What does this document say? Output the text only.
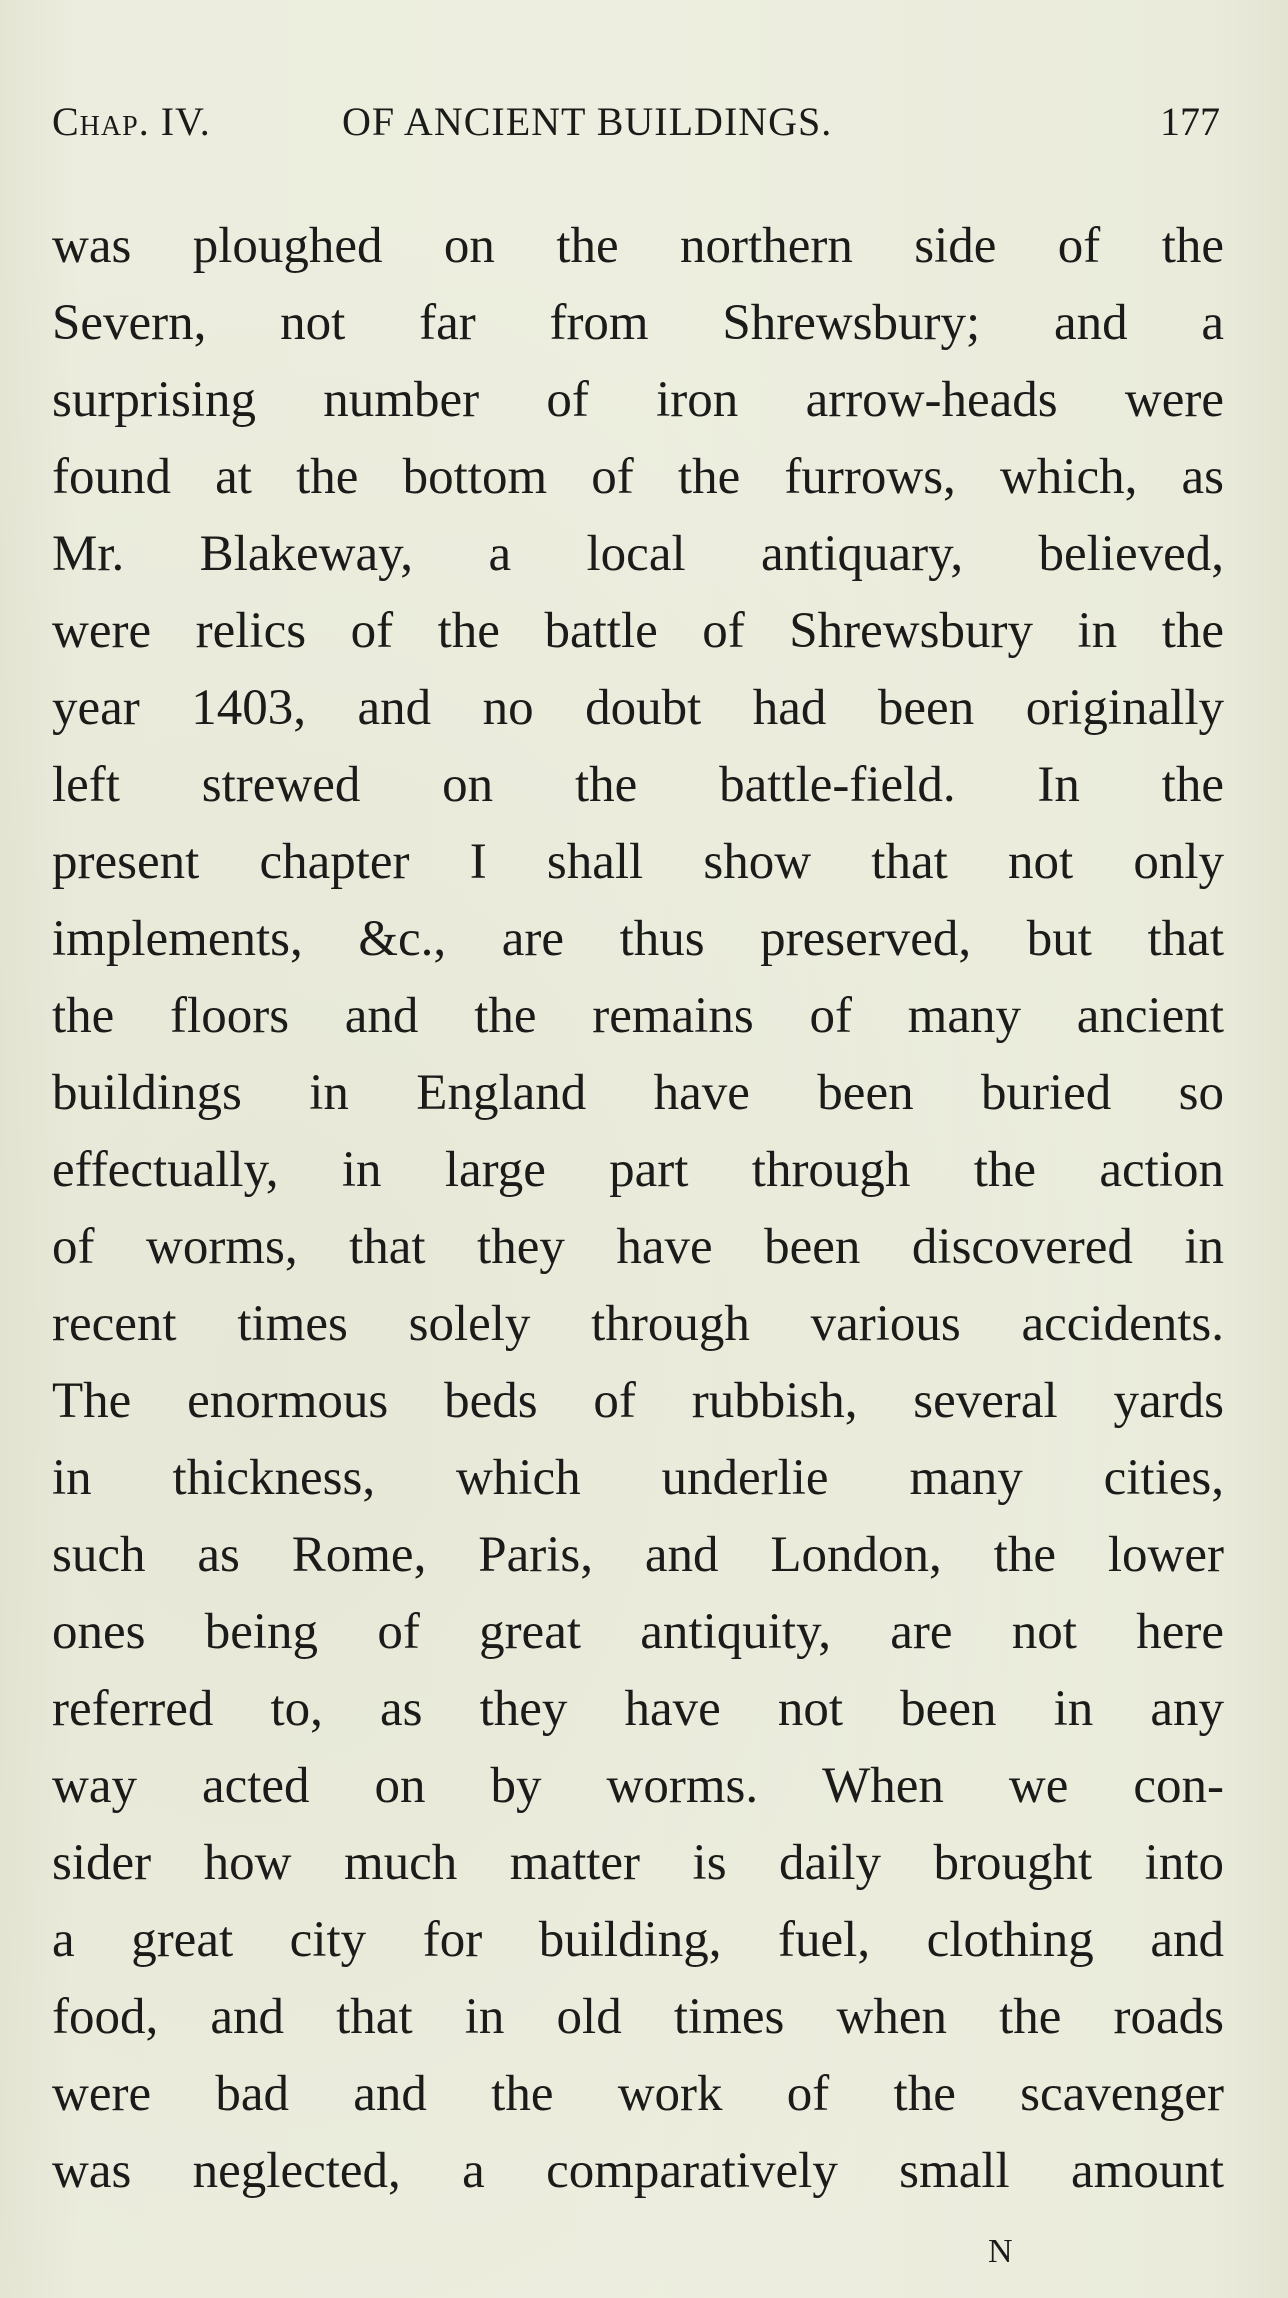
Chap. IV.	OF ANCIENT BUILDINGS.	177
was ploughed on the northern side of the
Severn, not far from Shrewsbury; and a
surprising number of iron arrow-heads were
found at the bottom of the furrows, which, as
Mr. Blakeway, a local antiquary, believed,
were relics of the battle of Shrewsbury in the
year 1403, and no doubt had been originally
left strewed on the battle-field. In the
present chapter I shall show that not only
implements, &c., are thus preserved, but that
the floors and the remains of many ancient
buildings in England have been buried so
effectually, in large part through the action
of worms, that they have been discovered in
recent times solely through various accidents.
The enormous beds of rubbish, several yards
in thickness, which underlie many cities,
such as Rome, Paris, and London, the lower
ones being of great antiquity, are not here
referred to, as they have not been in any
way acted on by worms. When we con-
sider how much matter is daily brought into
a great city for building, fuel, clothing and
food, and that in old times when the roads
were bad and the work of the scavenger
was neglected, a comparatively small amount
N
